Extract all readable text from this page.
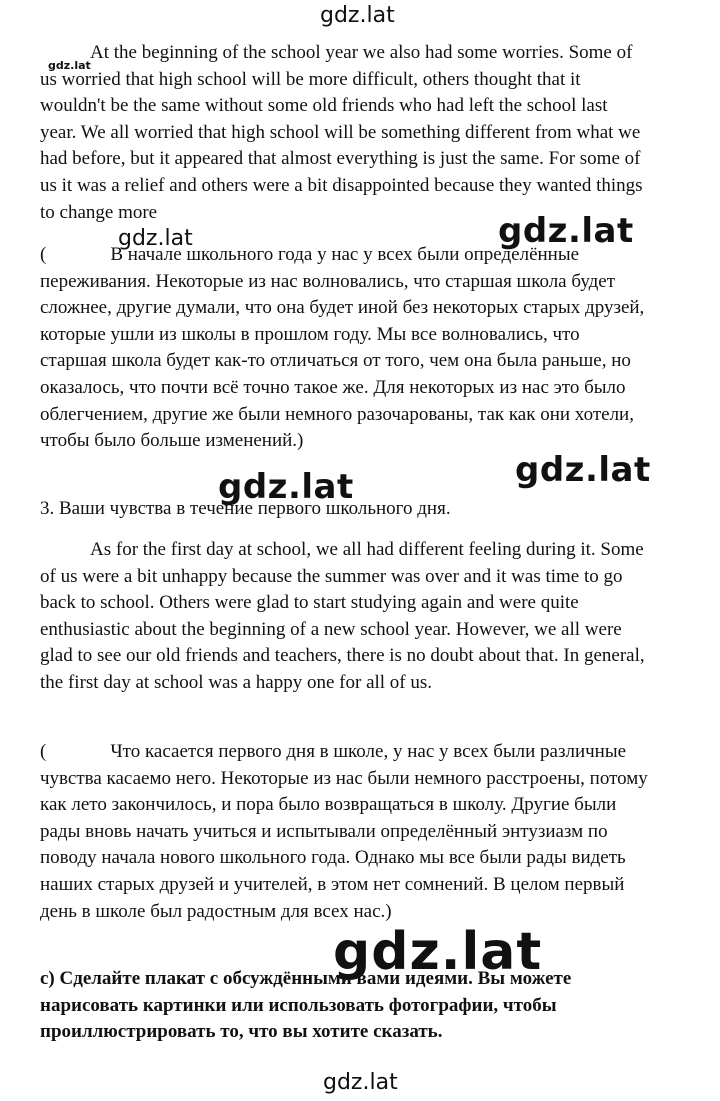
gdz.lat
gdz.lat
gdz.lat	gdz.lat
gdz.lat
gdz.lat
gdz.lat
gdz.lat

At the beginning of the school year we also had some worries. Some of us worried that high school will be more difficult, others thought that it wouldn't be the same without some old friends who had left the school last year. We all worried that high school will be something different from what we had before, but it appeared that almost everything is just the same. For some of us it was a relief and others were a bit disappointed because they wanted things to change more

(	В начале школьного года у нас у всех были определённые переживания. Некоторые из нас волновались, что старшая школа будет сложнее, другие думали, что она будет иной без некоторых старых друзей, которые ушли из школы в прошлом году. Мы все волновались, что старшая школа будет как-то отличаться от того, чем она была раньше, но оказалось, что почти всё точно такое же. Для некоторых из нас это было облегчением, другие же были немного разочарованы, так как они хотели, чтобы было больше изменений.)

3. Ваши чувства в течение первого школьного дня.

As for the first day at school, we all had different feeling during it. Some of us were a bit unhappy because the summer was over and it was time to go back to school. Others were glad to start studying again and were quite enthusiastic about the beginning of a new school year. However, we all were glad to see our old friends and teachers, there is no doubt about that. In general, the first day at school was a happy one for all of us.

(	Что касается первого дня в школе, у нас у всех были различные чувства касаемо него. Некоторые из нас были немного расстроены, потому как лето закончилось, и пора было возвращаться в школу. Другие были рады вновь начать учиться и испытывали определённый энтузиазм по поводу начала нового школьного года. Однако мы все были рады видеть наших старых друзей и учителей, в этом нет сомнений. В целом первый день в школе был радостным для всех нас.)

c) Сделайте плакат с обсуждёнными вами идеями. Вы можете нарисовать картинки или использовать фотографии, чтобы проиллюстрировать то, что вы хотите сказать.
